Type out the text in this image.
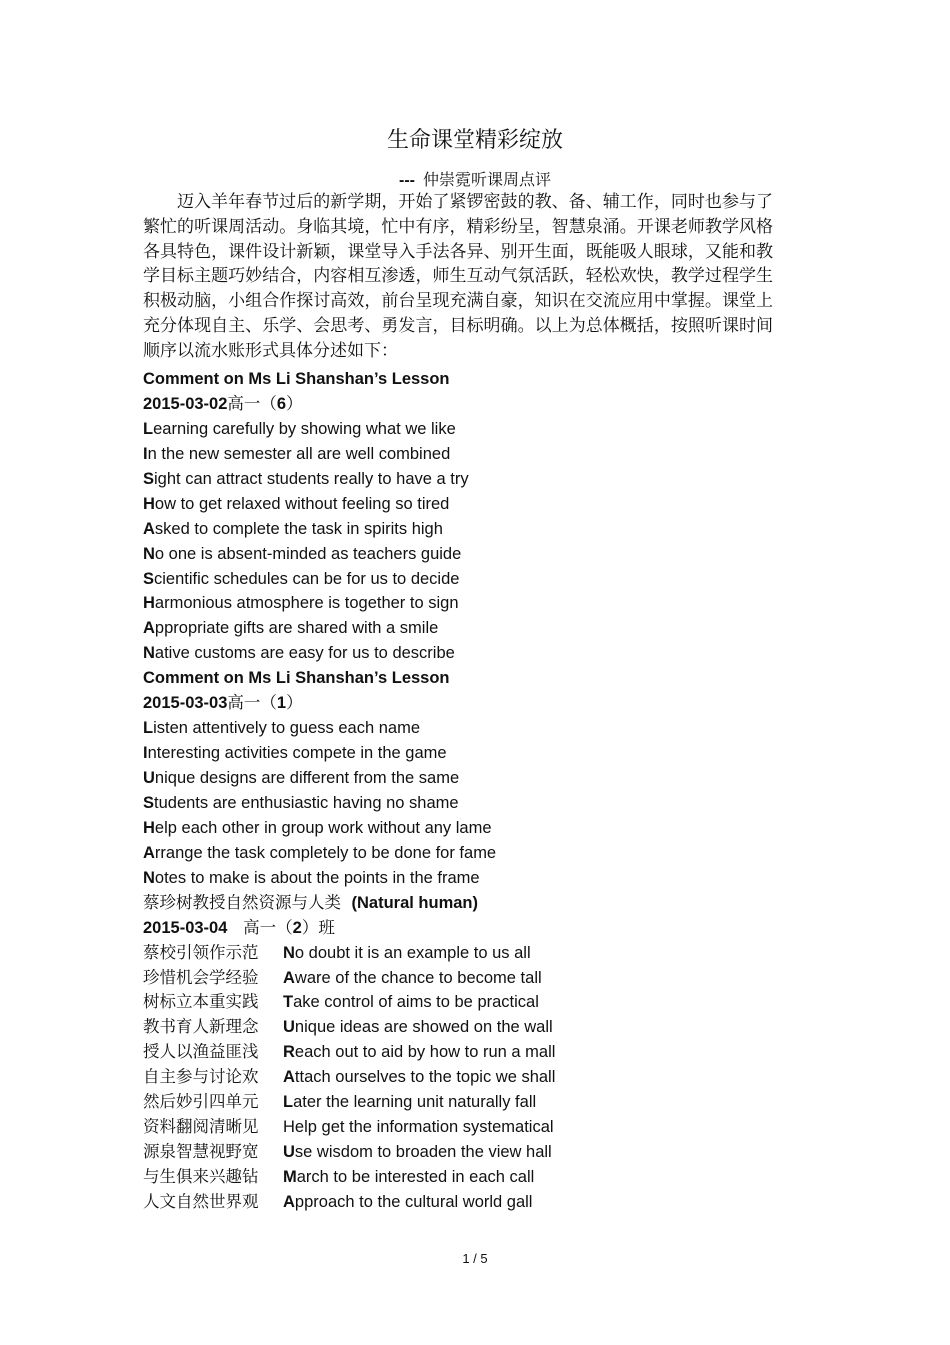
生命课堂精彩绽放
--- 仲崇霓听课周点评

迈入羊年春节过后的新学期，开始了紧锣密鼓的教、备、辅工作，同时也参与了繁忙的听课周活动。身临其境，忙中有序，精彩纷呈，智慧泉涌。开课老师教学风格各具特色，课件设计新颖，课堂导入手法各异、别开生面，既能吸人眼球，又能和教学目标主题巧妙结合，内容相互渗透，师生互动气氛活跃，轻松欢快，教学过程学生积极动脑，小组合作探讨高效，前台呈现充满自豪，知识在交流应用中掌握。课堂上充分体现自主、乐学、会思考、勇发言，目标明确。以上为总体概括，按照听课时间顺序以流水账形式具体分述如下：

Comment on Ms Li Shanshan’s Lesson
2015-03-02高一（6）
Learning carefully by showing what we like
In the new semester all are well combined
Sight can attract students really to have a try
How to get relaxed without feeling so tired
Asked to complete the task in spirits high
No one is absent-minded as teachers guide
Scientific schedules can be for us to decide
Harmonious atmosphere is together to sign
Appropriate gifts are shared with a smile
Native customs are easy for us to describe
Comment on Ms Li Shanshan’s Lesson
2015-03-03高一（1）
Listen attentively to guess each name
Interesting activities compete in the game
Unique designs are different from the same
Students are enthusiastic having no shame
Help each other in group work without any lame
Arrange the task completely to be done for fame
Notes to make is about the points in the frame
蔡珍树教授自然资源与人类 (Natural human)
2015-03-04 高一（2）班
蔡校引领作示范 No doubt it is an example to us all
珍惜机会学经验 Aware of the chance to become tall
树标立本重实践 Take control of aims to be practical
教书育人新理念 Unique ideas are showed on the wall
授人以渔益匪浅 Reach out to aid by how to run a mall
自主参与讨论欢 Attach ourselves to the topic we shall
然后妙引四单元 Later the learning unit naturally fall
资料翻阅清晰见 Help get the information systematical
源泉智慧视野宽 Use wisdom to broaden the view hall
与生俱来兴趣钻 March to be interested in each call
人文自然世界观 Approach to the cultural world gall
1 / 5
